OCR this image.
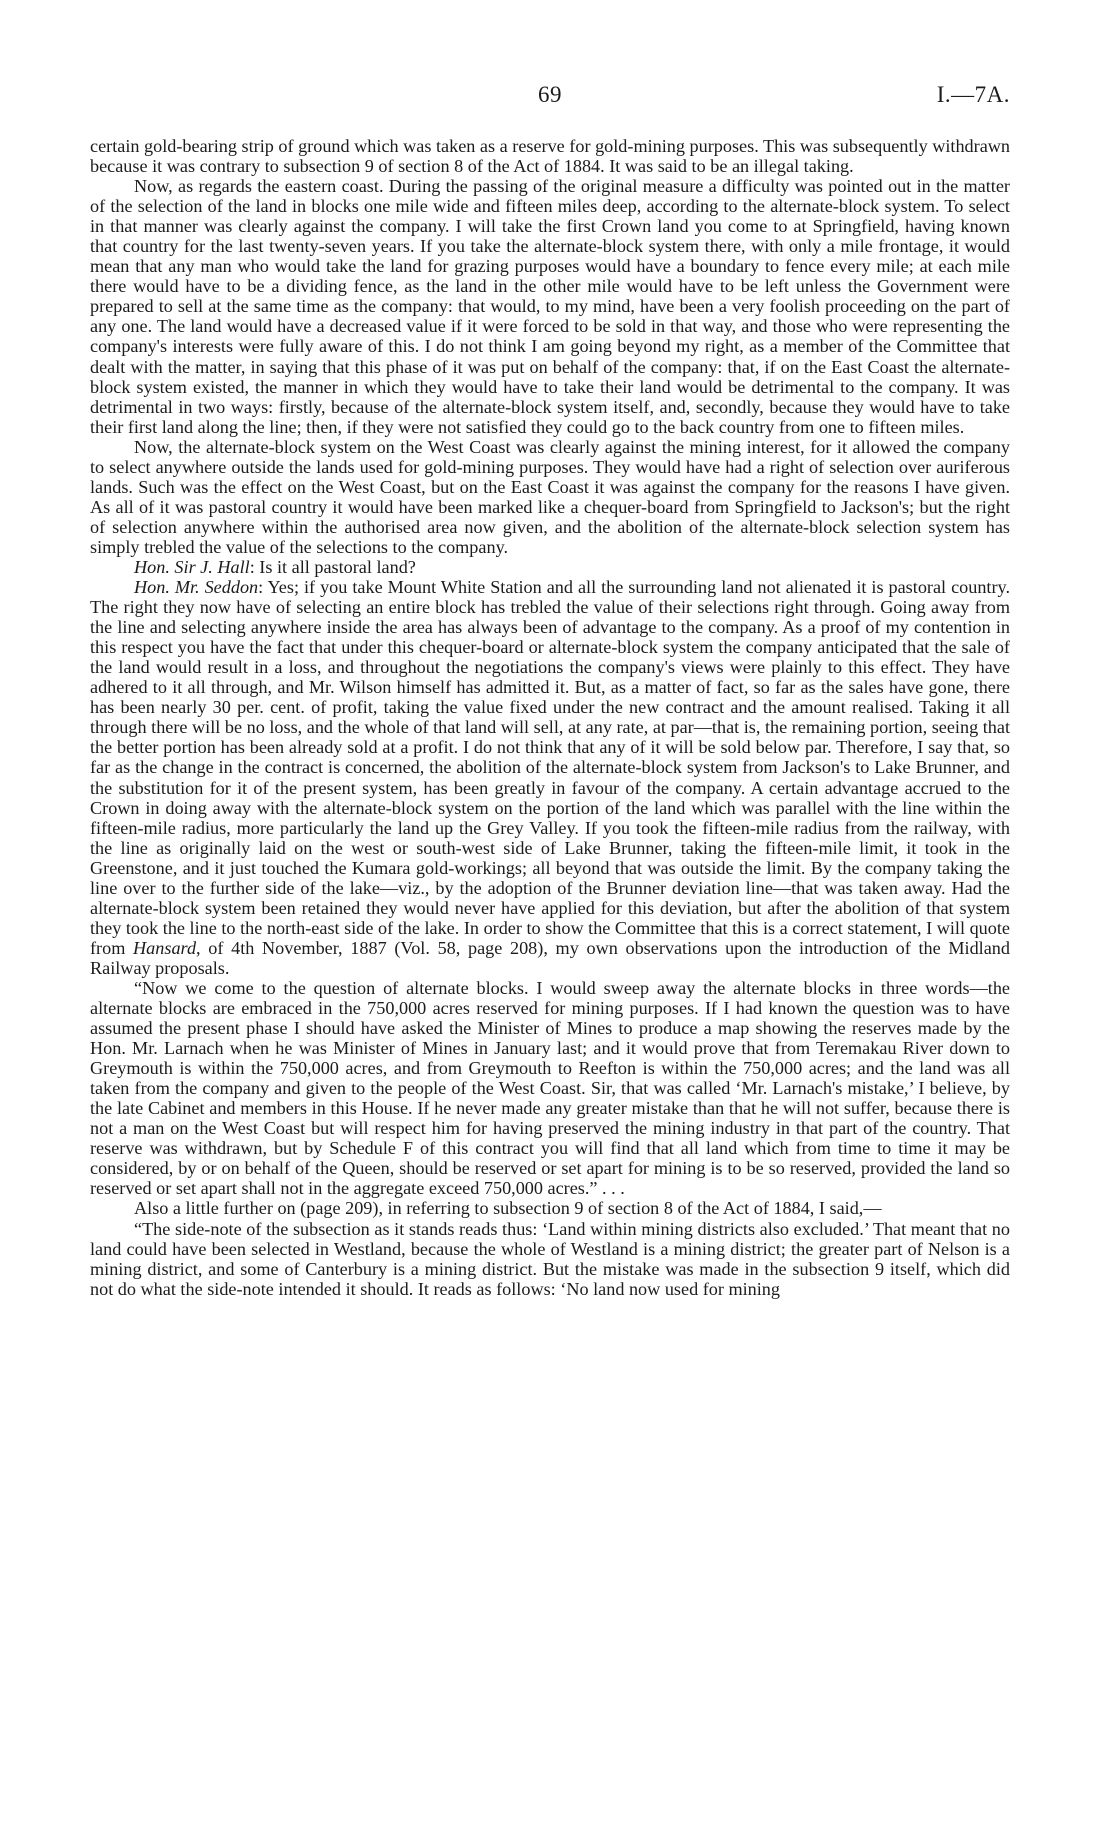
69	I.—7A.

certain gold-bearing strip of ground which was taken as a reserve for gold-mining purposes. This was subsequently withdrawn because it was contrary to subsection 9 of section 8 of the Act of 1884. It was said to be an illegal taking.

Now, as regards the eastern coast. During the passing of the original measure a difficulty was pointed out in the matter of the selection of the land in blocks one mile wide and fifteen miles deep, according to the alternate-block system. To select in that manner was clearly against the company. I will take the first Crown land you come to at Springfield, having known that country for the last twenty-seven years. If you take the alternate-block system there, with only a mile frontage, it would mean that any man who would take the land for grazing purposes would have a boundary to fence every mile; at each mile there would have to be a dividing fence, as the land in the other mile would have to be left unless the Government were prepared to sell at the same time as the company: that would, to my mind, have been a very foolish proceeding on the part of any one. The land would have a decreased value if it were forced to be sold in that way, and those who were representing the company's interests were fully aware of this. I do not think I am going beyond my right, as a member of the Committee that dealt with the matter, in saying that this phase of it was put on behalf of the company: that, if on the East Coast the alternate-block system existed, the manner in which they would have to take their land would be detrimental to the company. It was detrimental in two ways: firstly, because of the alternate-block system itself, and, secondly, because they would have to take their first land along the line; then, if they were not satisfied they could go to the back country from one to fifteen miles.

Now, the alternate-block system on the West Coast was clearly against the mining interest, for it allowed the company to select anywhere outside the lands used for gold-mining purposes. They would have had a right of selection over auriferous lands. Such was the effect on the West Coast, but on the East Coast it was against the company for the reasons I have given. As all of it was pastoral country it would have been marked like a chequer-board from Springfield to Jackson's; but the right of selection anywhere within the authorised area now given, and the abolition of the alternate-block selection system has simply trebled the value of the selections to the company.

Hon. Sir J. Hall: Is it all pastoral land?

Hon. Mr. Seddon: Yes; if you take Mount White Station and all the surrounding land not alienated it is pastoral country. The right they now have of selecting an entire block has trebled the value of their selections right through. Going away from the line and selecting anywhere inside the area has always been of advantage to the company. As a proof of my contention in this respect you have the fact that under this chequer-board or alternate-block system the company anticipated that the sale of the land would result in a loss, and throughout the negotiations the company's views were plainly to this effect. They have adhered to it all through, and Mr. Wilson himself has admitted it. But, as a matter of fact, so far as the sales have gone, there has been nearly 30 per. cent. of profit, taking the value fixed under the new contract and the amount realised. Taking it all through there will be no loss, and the whole of that land will sell, at any rate, at par—that is, the remaining portion, seeing that the better portion has been already sold at a profit. I do not think that any of it will be sold below par. Therefore, I say that, so far as the change in the contract is concerned, the abolition of the alternate-block system from Jackson's to Lake Brunner, and the substitution for it of the present system, has been greatly in favour of the company. A certain advantage accrued to the Crown in doing away with the alternate-block system on the portion of the land which was parallel with the line within the fifteen-mile radius, more particularly the land up the Grey Valley. If you took the fifteen-mile radius from the railway, with the line as originally laid on the west or south-west side of Lake Brunner, taking the fifteen-mile limit, it took in the Greenstone, and it just touched the Kumara gold-workings; all beyond that was outside the limit. By the company taking the line over to the further side of the lake—viz., by the adoption of the Brunner deviation line—that was taken away. Had the alternate-block system been retained they would never have applied for this deviation, but after the abolition of that system they took the line to the north-east side of the lake. In order to show the Committee that this is a correct statement, I will quote from Hansard, of 4th November, 1887 (Vol. 58, page 208), my own observations upon the introduction of the Midland Railway proposals.

“Now we come to the question of alternate blocks. I would sweep away the alternate blocks in three words—the alternate blocks are embraced in the 750,000 acres reserved for mining purposes. If I had known the question was to have assumed the present phase I should have asked the Minister of Mines to produce a map showing the reserves made by the Hon. Mr. Larnach when he was Minister of Mines in January last; and it would prove that from Teremakau River down to Greymouth is within the 750,000 acres, and from Greymouth to Reefton is within the 750,000 acres; and the land was all taken from the company and given to the people of the West Coast. Sir, that was called ‘Mr. Larnach's mistake,’ I believe, by the late Cabinet and members in this House. If he never made any greater mistake than that he will not suffer, because there is not a man on the West Coast but will respect him for having preserved the mining industry in that part of the country. That reserve was withdrawn, but by Schedule F of this contract you will find that all land which from time to time it may be considered, by or on behalf of the Queen, should be reserved or set apart for mining is to be so reserved, provided the land so reserved or set apart shall not in the aggregate exceed 750,000 acres.” . . .

Also a little further on (page 209), in referring to subsection 9 of section 8 of the Act of 1884, I said,—

“The side-note of the subsection as it stands reads thus: ‘Land within mining districts also excluded.’ That meant that no land could have been selected in Westland, because the whole of Westland is a mining district; the greater part of Nelson is a mining district, and some of Canterbury is a mining district. But the mistake was made in the subsection 9 itself, which did not do what the side-note intended it should. It reads as follows: ‘No land now used for mining
